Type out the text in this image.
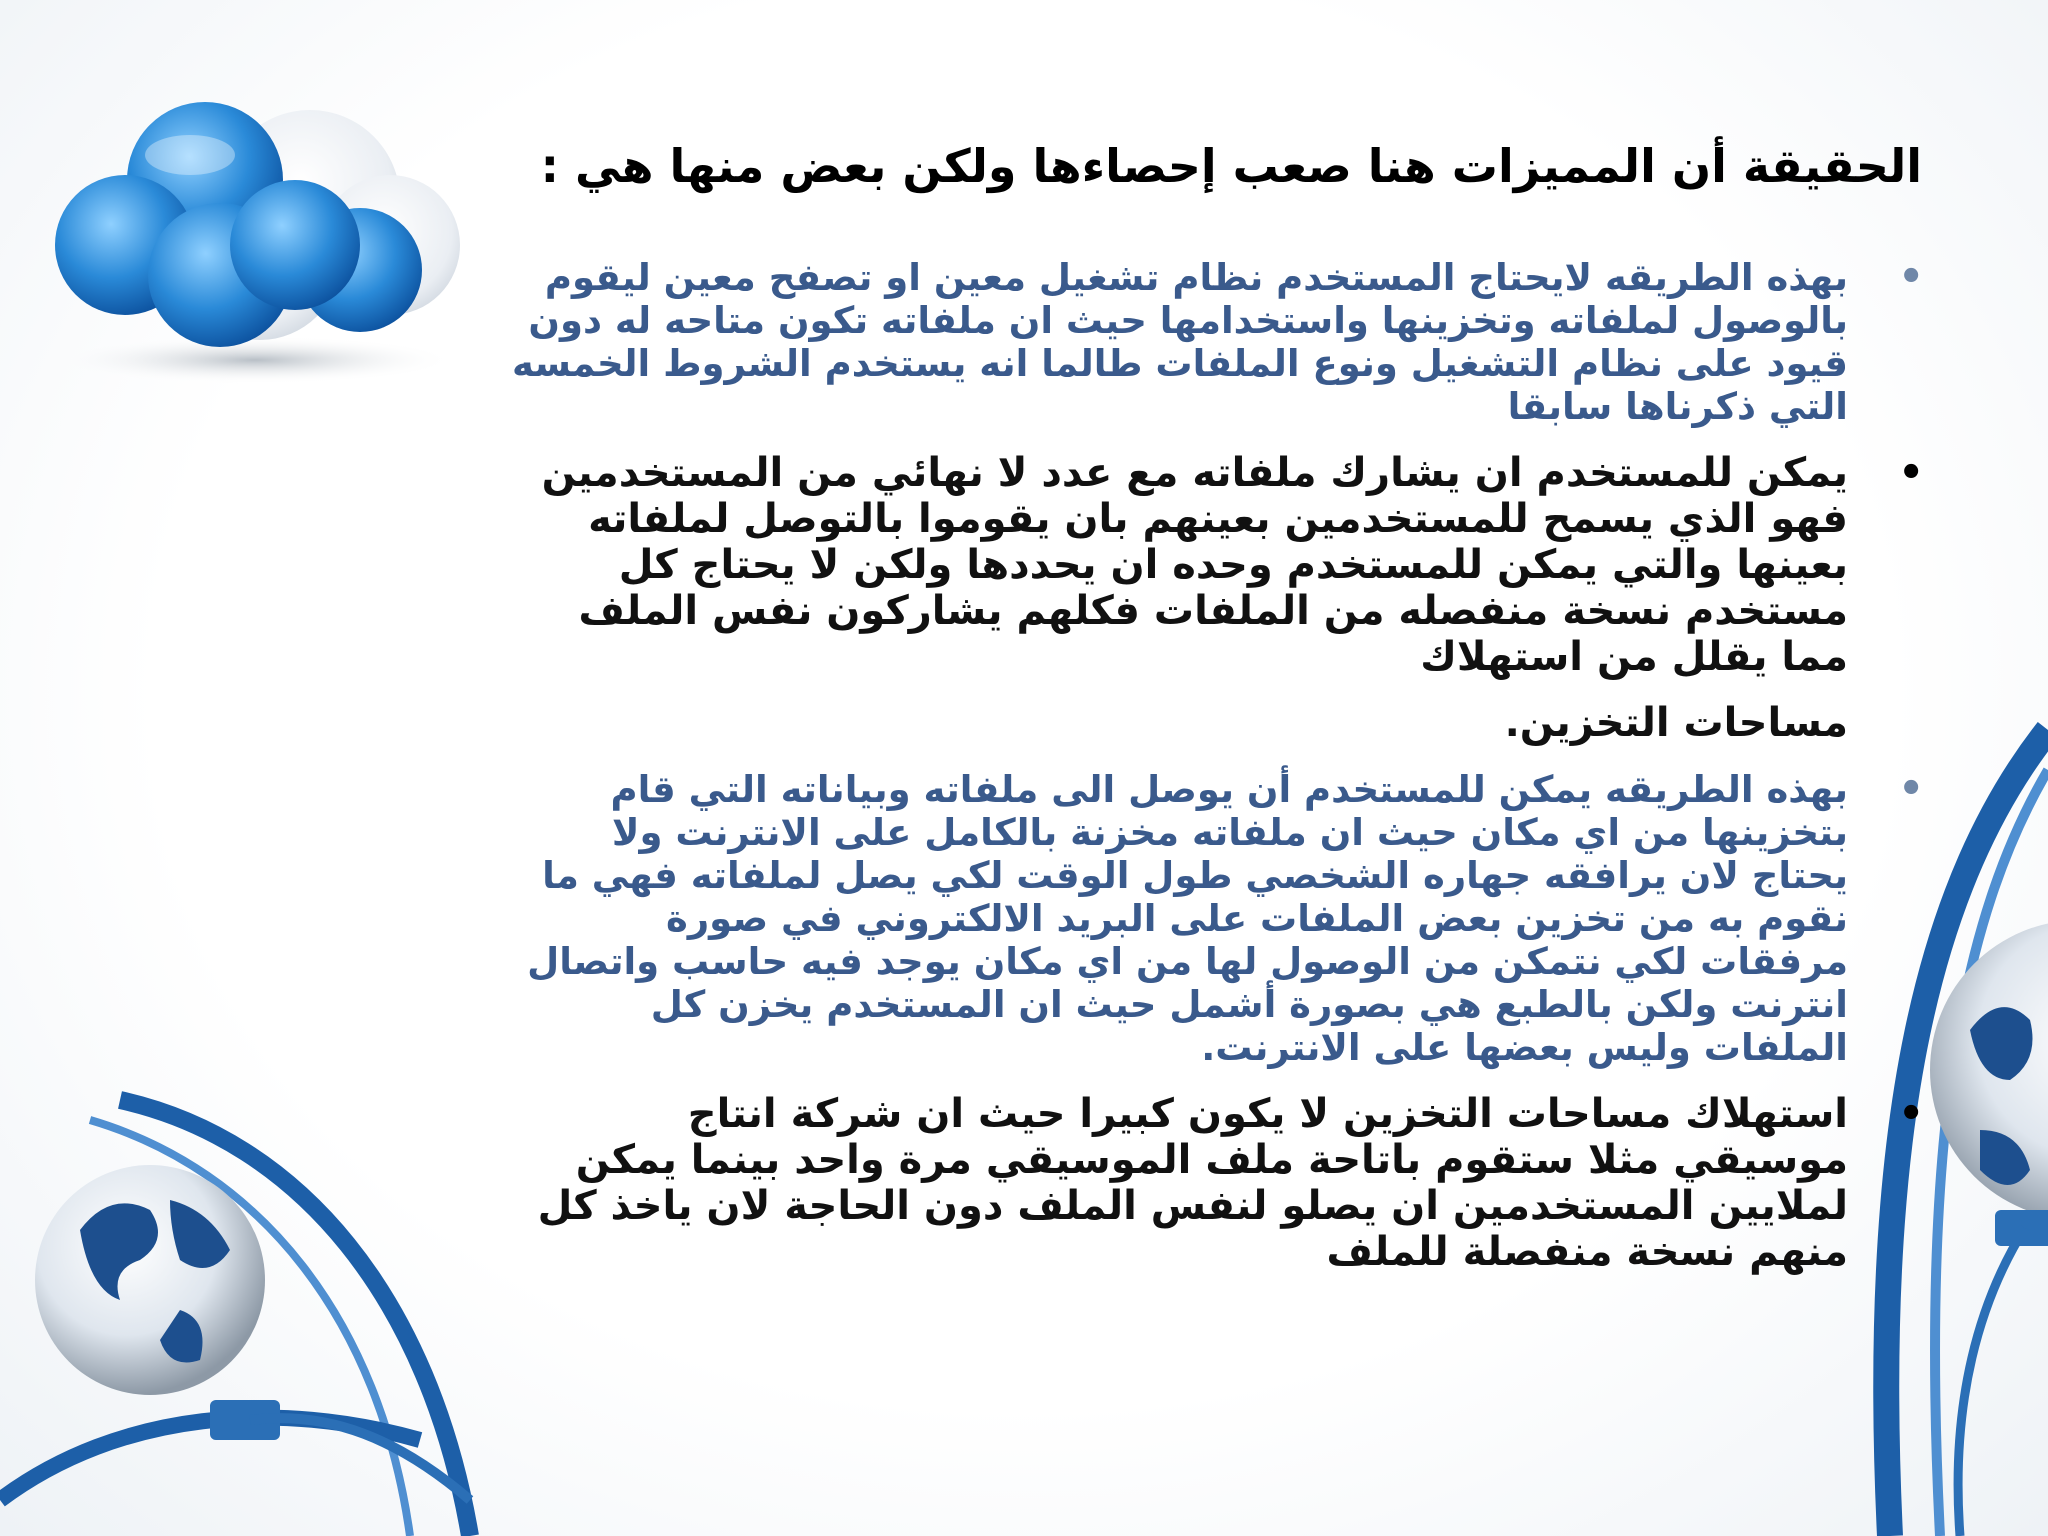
الحقيقة أن المميزات هنا صعب إحصاءها ولكن بعض منها هي :
•
بهذه الطريقه لايحتاج المستخدم نظام تشغيل معين او تصفح معين ليقوم بالوصول لملفاته وتخزينها واستخدامها حيث ان ملفاته تكون متاحه له دون قيود على نظام التشغيل ونوع الملفات طالما انه يستخدم الشروط الخمسه التي ذكرناها سابقا
•
يمكن للمستخدم ان يشارك ملفاته مع عدد لا نهائي من المستخدمين فهو الذي يسمح للمستخدمين بعينهم بان يقوموا بالتوصل لملفاته بعينها والتي يمكن للمستخدم وحده ان يحددها ولكن لا يحتاج كل مستخدم نسخة منفصله من الملفات فكلهم يشاركون نفس الملف مما يقلل من استهلاك
مساحات التخزين.
•
بهذه الطريقه يمكن للمستخدم أن يوصل الى ملفاته وبياناته التي قام بتخزينها من اي مكان حيث ان ملفاته مخزنة بالكامل على الانترنت ولا يحتاج لان يرافقه جهاره الشخصي طول الوقت لكي يصل لملفاته فهي ما نقوم به من تخزين بعض الملفات على البريد الالكتروني في صورة مرفقات لكي نتمكن من الوصول لها من اي مكان يوجد فيه حاسب واتصال انترنت ولكن بالطبع هي بصورة أشمل حيث ان المستخدم يخزن كل الملفات وليس بعضها على الانترنت.
•
استهلاك مساحات التخزين لا يكون كبيرا حيث ان شركة انتاج موسيقي مثلا ستقوم باتاحة ملف الموسيقي مرة واحد بينما يمكن لملايين المستخدمين ان يصلو لنفس الملف دون الحاجة لان ياخذ كل منهم نسخة منفصلة للملف
